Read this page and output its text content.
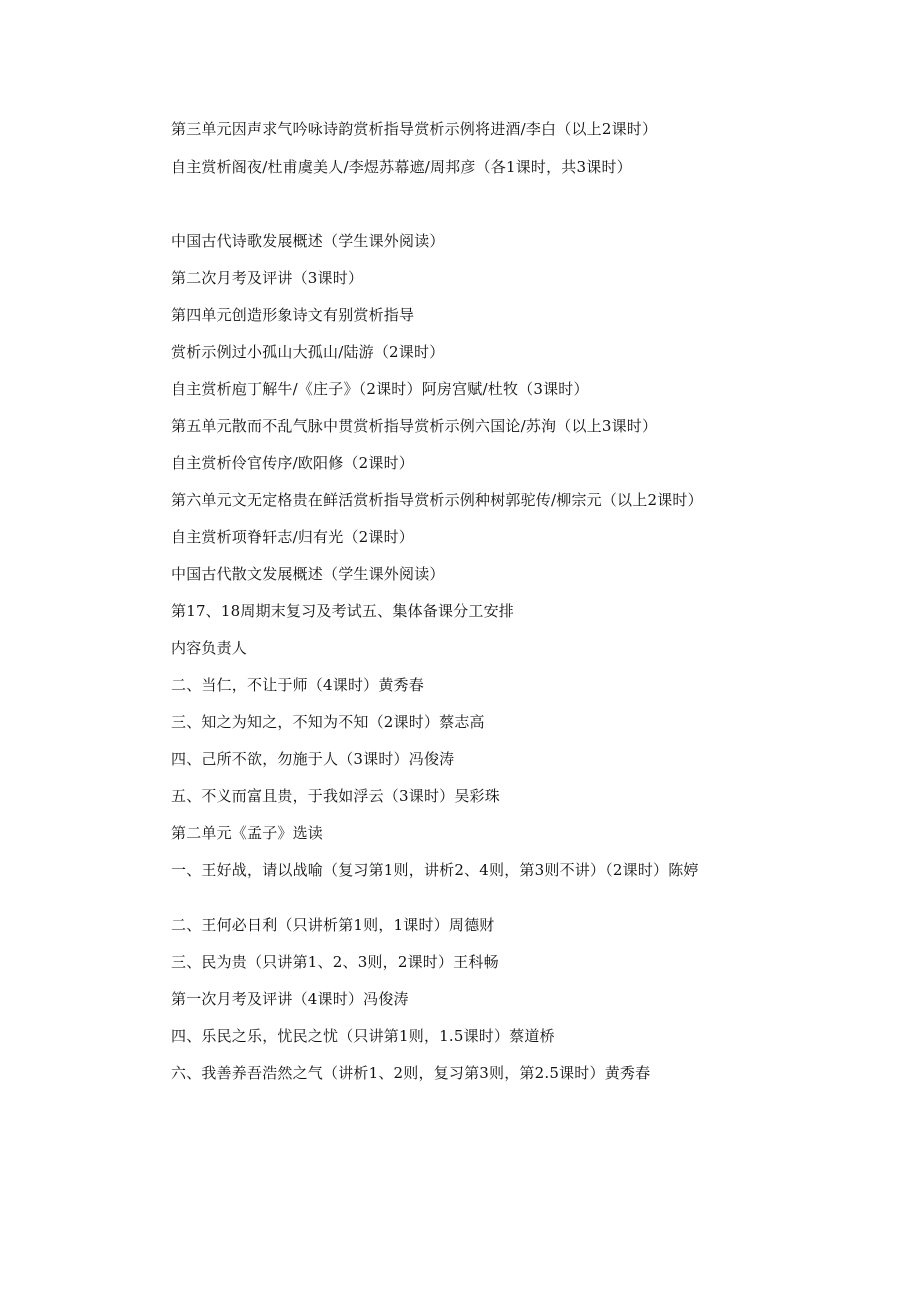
第三单元因声求气吟咏诗韵赏析指导赏析示例将进酒/李白（以上2课时）
自主赏析阁夜/杜甫虞美人/李煜苏幕遮/周邦彦（各1课时，共3课时）
中国古代诗歌发展概述（学生课外阅读）
第二次月考及评讲（3课时）
第四单元创造形象诗文有别赏析指导
赏析示例过小孤山大孤山/陆游（2课时）
自主赏析庖丁解牛/《庄子》（2课时）阿房宫赋/杜牧（3课时）
第五单元散而不乱气脉中贯赏析指导赏析示例六国论/苏洵（以上3课时）
自主赏析伶官传序/欧阳修（2课时）
第六单元文无定格贵在鲜活赏析指导赏析示例种树郭驼传/柳宗元（以上2课时）
自主赏析项脊轩志/归有光（2课时）
中国古代散文发展概述（学生课外阅读）
第17、18周期末复习及考试五、集体备课分工安排
内容负责人
二、当仁，不让于师（4课时）黄秀春
三、知之为知之，不知为不知（2课时）蔡志高
四、己所不欲，勿施于人（3课时）冯俊涛
五、不义而富且贵，于我如浮云（3课时）吴彩珠
第二单元《孟子》选读
一、王好战，请以战喻（复习第1则，讲析2、4则，第3则不讲）（2课时）陈婷
二、王何必日利（只讲析第1则，1课时）周德财
三、民为贵（只讲第1、2、3则，2课时）王科畅
第一次月考及评讲（4课时）冯俊涛
四、乐民之乐，忧民之忧（只讲第1则，1.5课时）蔡道桥
六、我善养吾浩然之气（讲析1、2则，复习第3则，第2.5课时）黄秀春
